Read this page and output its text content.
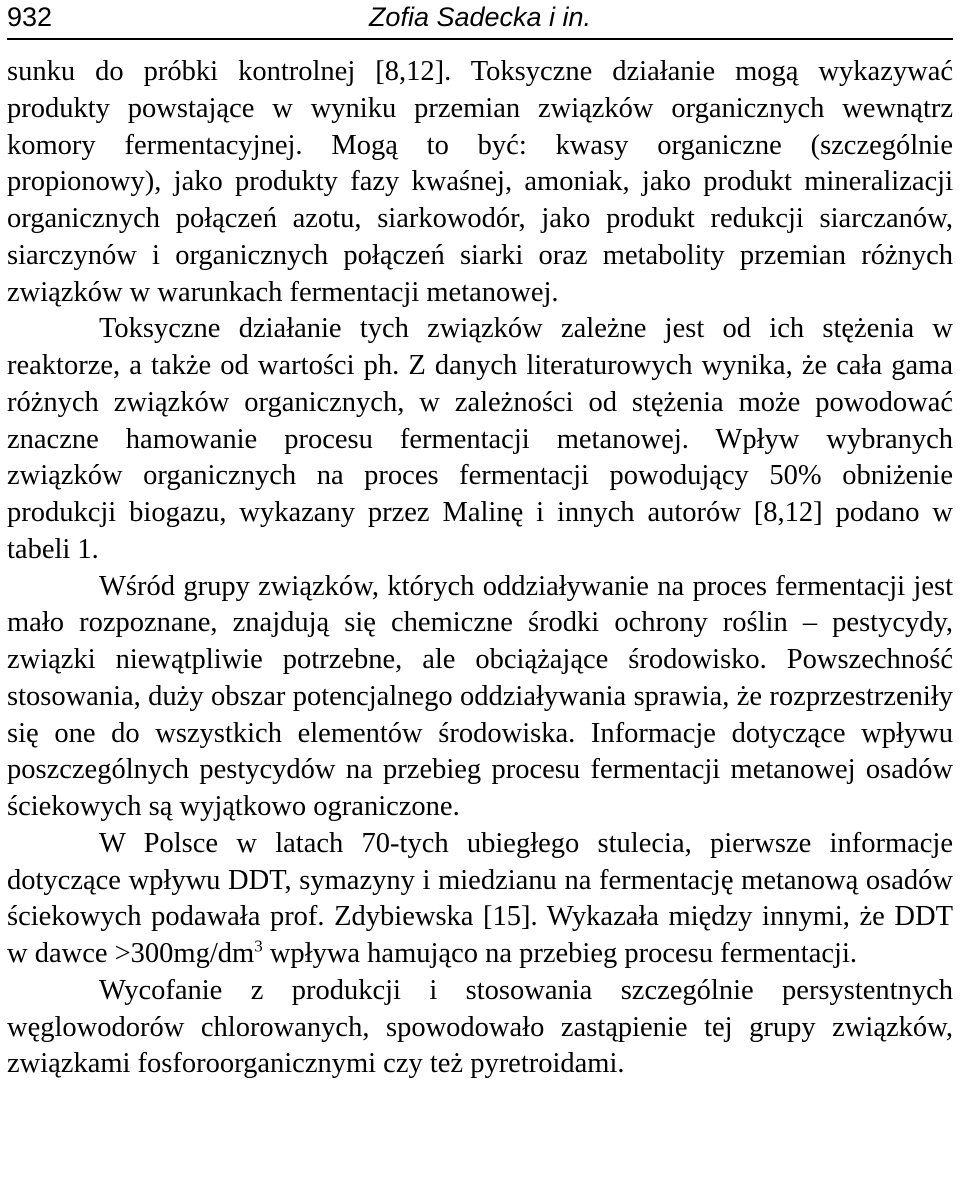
932	Zofia Sadecka i in.

sunku do próbki kontrolnej [8,12]. Toksyczne działanie mogą wykazywać produkty powstające w wyniku przemian związków organicznych wewnątrz komory fermentacyjnej. Mogą to być: kwasy organiczne (szczególnie propionowy), jako produkty fazy kwaśnej, amoniak, jako produkt mineralizacji organicznych połączeń azotu, siarkowodór, jako produkt redukcji siarczanów, siarczynów i organicznych połączeń siarki oraz metabolity przemian różnych związków w warunkach fermentacji metanowej.

Toksyczne działanie tych związków zależne jest od ich stężenia w reaktorze, a także od wartości ph. Z danych literaturowych wynika, że cała gama różnych związków organicznych, w zależności od stężenia może powodować znaczne hamowanie procesu fermentacji metanowej. Wpływ wybranych związków organicznych na proces fermentacji powodujący 50% obniżenie produkcji biogazu, wykazany przez Malinę i innych autorów [8,12] podano w tabeli 1.

Wśród grupy związków, których oddziaływanie na proces fermentacji jest mało rozpoznane, znajdują się chemiczne środki ochrony roślin – pestycydy, związki niewątpliwie potrzebne, ale obciążające środowisko. Powszechność stosowania, duży obszar potencjalnego oddziaływania sprawia, że rozprzestrzeniły się one do wszystkich elementów środowiska. Informacje dotyczące wpływu poszczególnych pestycydów na przebieg procesu fermentacji metanowej osadów ściekowych są wyjątkowo ograniczone.

W Polsce w latach 70-tych ubiegłego stulecia, pierwsze informacje dotyczące wpływu DDT, symazyny i miedzianu na fermentację metanową osadów ściekowych podawała prof. Zdybiewska [15]. Wykazała między innymi, że DDT w dawce $>300mg/dm^3$ wpływa hamująco na przebieg procesu fermentacji.

Wycofanie z produkcji i stosowania szczególnie persystentnych węglowodorów chlorowanych, spowodowało zastąpienie tej grupy związków, związkami fosforoorganicznymi czy też pyretroidami.
